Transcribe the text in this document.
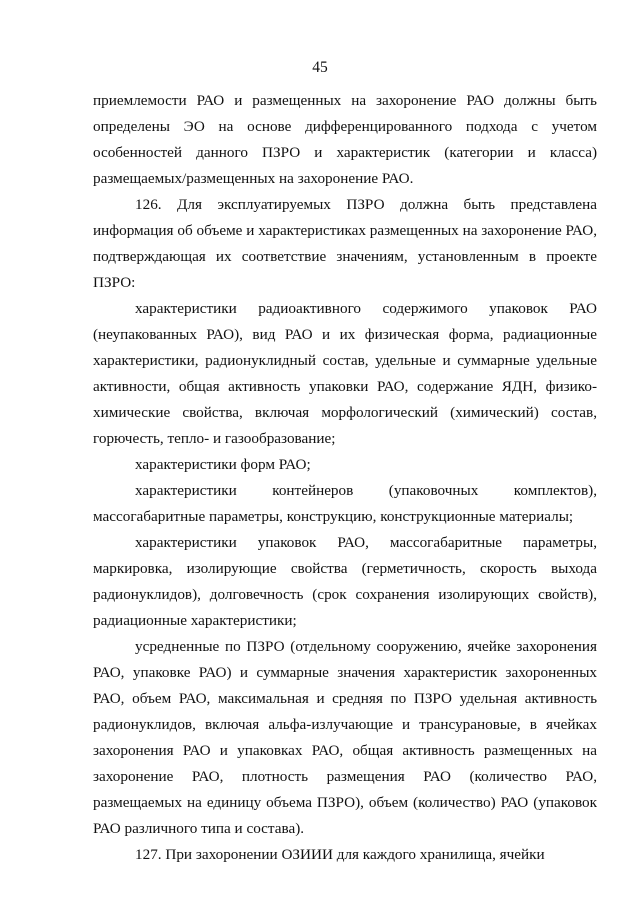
45

приемлемости РАО и размещенных на захоронение РАО должны быть определены ЭО на основе дифференцированного подхода с учетом особенностей данного ПЗРО и характеристик (категории и класса) размещаемых/размещенных на захоронение РАО.

126. Для эксплуатируемых ПЗРО должна быть представлена информация об объеме и характеристиках размещенных на захоронение РАО, подтверждающая их соответствие значениям, установленным в проекте ПЗРО:

характеристики радиоактивного содержимого упаковок РАО (неупакованных РАО), вид РАО и их физическая форма, радиационные характеристики, радионуклидный состав, удельные и суммарные удельные активности, общая активность упаковки РАО, содержание ЯДН, физико-химические свойства, включая морфологический (химический) состав, горючесть, тепло- и газообразование;

характеристики форм РАО;

характеристики контейнеров (упаковочных комплектов), массогабаритные параметры, конструкцию, конструкционные материалы;

характеристики упаковок РАО, массогабаритные параметры, маркировка, изолирующие свойства (герметичность, скорость выхода радионуклидов), долговечность (срок сохранения изолирующих свойств), радиационные характеристики;

усредненные по ПЗРО (отдельному сооружению, ячейке захоронения РАО, упаковке РАО) и суммарные значения характеристик захороненных РАО, объем РАО, максимальная и средняя по ПЗРО удельная активность радионуклидов, включая альфа-излучающие и трансурановые, в ячейках захоронения РАО и упаковках РАО, общая активность размещенных на захоронение РАО, плотность размещения РАО (количество РАО, размещаемых на единицу объема ПЗРО), объем (количество) РАО (упаковок РАО различного типа и состава).

127. При захоронении ОЗИИИ для каждого хранилища, ячейки
